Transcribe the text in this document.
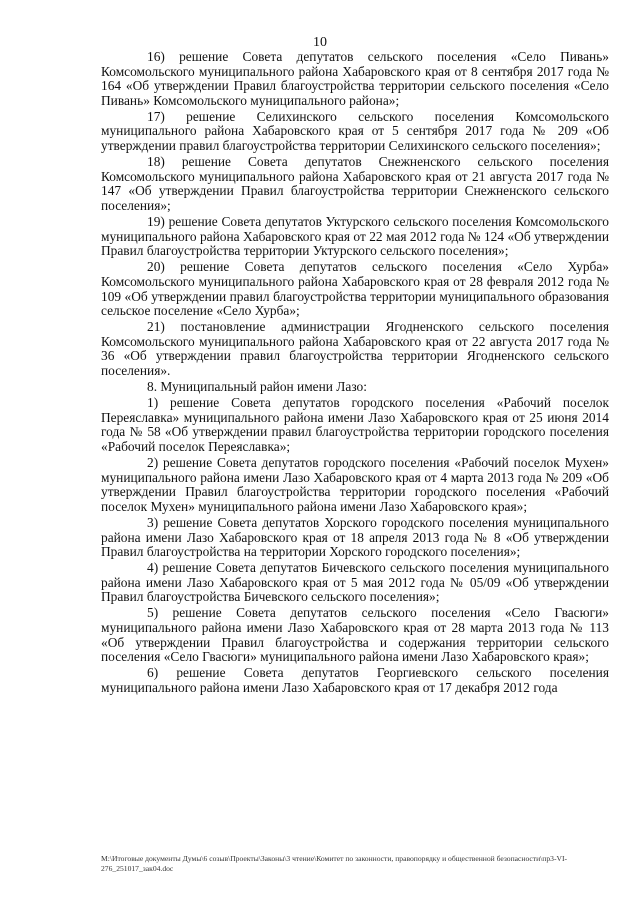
10

16) решение Совета депутатов сельского поселения «Село Пивань» Комсомольского муниципального района Хабаровского края от 8 сентября 2017 года № 164 «Об утверждении Правил благоустройства территории сельского поселения «Село Пивань» Комсомольского муниципального района»;

17) решение Селихинского сельского поселения Комсомольского муниципального района Хабаровского края от 5 сентября 2017 года № 209 «Об утверждении правил благоустройства территории Селихинского сельского поселения»;

18) решение Совета депутатов Снежненского сельского поселения Комсомольского муниципального района Хабаровского края от 21 августа 2017 года № 147 «Об утверждении Правил благоустройства территории Снежненского сельского поселения»;

19) решение Совета депутатов Уктурского сельского поселения Комсомольского муниципального района Хабаровского края от 22 мая 2012 года № 124 «Об утверждении Правил благоустройства территории Уктурского сельского поселения»;

20) решение Совета депутатов сельского поселения «Село Хурба» Комсомольского муниципального района Хабаровского края от 28 февраля 2012 года № 109 «Об утверждении правил благоустройства территории муниципального образования сельское поселение «Село Хурба»;

21) постановление администрации Ягодненского сельского поселения Комсомольского муниципального района Хабаровского края от 22 августа 2017 года № 36 «Об утверждении правил благоустройства территории Ягодненского сельского поселения».

8. Муниципальный район имени Лазо:

1) решение Совета депутатов городского поселения «Рабочий поселок Переяславка» муниципального района имени Лазо Хабаровского края от 25 июня 2014 года № 58 «Об утверждении правил благоустройства территории городского поселения «Рабочий поселок Переяславка»;

2) решение Совета депутатов городского поселения «Рабочий поселок Мухен» муниципального района имени Лазо Хабаровского края от 4 марта 2013 года № 209 «Об утверждении Правил благоустройства территории городского поселения «Рабочий поселок Мухен» муниципального района имени Лазо Хабаровского края»;

3) решение Совета депутатов Хорского городского поселения муниципального района имени Лазо Хабаровского края от 18 апреля 2013 года № 8 «Об утверждении Правил благоустройства на территории Хорского городского поселения»;

4) решение Совета депутатов Бичевского сельского поселения муниципального района имени Лазо Хабаровского края от 5 мая 2012 года № 05/09 «Об утверждении Правил благоустройства Бичевского сельского поселения»;

5) решение Совета депутатов сельского поселения «Село Гвасюги» муниципального района имени Лазо Хабаровского края от 28 марта 2013 года № 113 «Об утверждении Правил благоустройства и содержания территории сельского поселения «Село Гвасюги» муниципального района имени Лазо Хабаровского края»;

6) решение Совета депутатов Георгиевского сельского поселения муниципального района имени Лазо Хабаровского края от 17 декабря 2012 года

М:\Итоговые документы Думы\6 созыв\Проекты\Законы\3 чтение\Комитет по законности, правопорядку и общественной безопасности\пр3-VI-276_251017_зак04.doc
